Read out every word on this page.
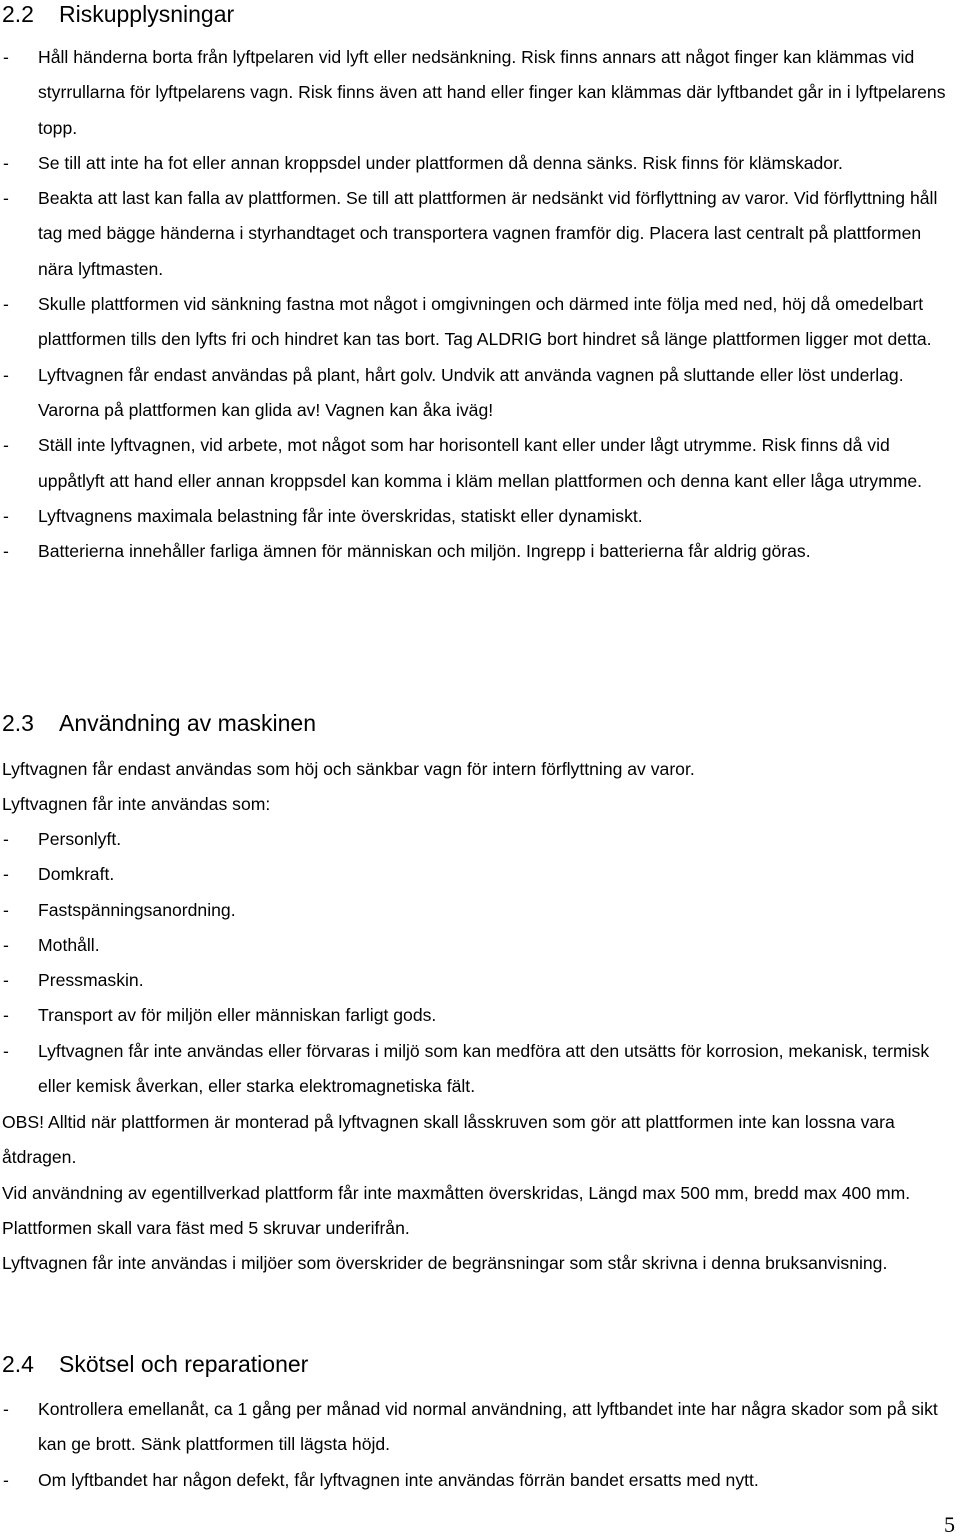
2.2 Riskupplysningar
- Håll händerna borta från lyftpelaren vid lyft eller nedsänkning. Risk finns annars att något finger kan klämmas vid styrrullarna för lyftpelarens vagn. Risk finns även att hand eller finger kan klämmas där lyftbandet går in i lyftpelarens topp.
- Se till att inte ha fot eller annan kroppsdel under plattformen då denna sänks. Risk finns för klämskador.
- Beakta att last kan falla av plattformen. Se till att plattformen är nedsänkt vid förflyttning av varor. Vid förflyttning håll tag med bägge händerna i styrhandtaget och transportera vagnen framför dig. Placera last centralt på plattformen nära lyftmasten.
- Skulle plattformen vid sänkning fastna mot något i omgivningen och därmed inte följa med ned, höj då omedelbart plattformen tills den lyfts fri och hindret kan tas bort. Tag ALDRIG bort hindret så länge plattformen ligger mot detta.
- Lyftvagnen får endast användas på plant, hårt golv. Undvik att använda vagnen på sluttande eller löst underlag. Varorna på plattformen kan glida av! Vagnen kan åka iväg!
- Ställ inte lyftvagnen, vid arbete, mot något som har horisontell kant eller under lågt utrymme. Risk finns då vid uppåtlyft att hand eller annan kroppsdel kan komma i kläm mellan plattformen och denna kant eller låga utrymme.
- Lyftvagnens maximala belastning får inte överskridas, statiskt eller dynamiskt.
- Batterierna innehåller farliga ämnen för människan och miljön. Ingrepp i batterierna får aldrig göras.
2.3 Användning av maskinen

Lyftvagnen får endast användas som höj och sänkbar vagn för intern förflyttning av varor.

Lyftvagnen får inte användas som:

- Personlyft.
- Domkraft.
- Fastspänningsanordning.
- Mothåll.
- Pressmaskin.
- Transport av för miljön eller människan farligt gods.
- Lyftvagnen får inte användas eller förvaras i miljö som kan medföra att den utsätts för korrosion, mekanisk, termisk eller kemisk åverkan, eller starka elektromagnetiska fält.

OBS! Alltid när plattformen är monterad på lyftvagnen skall låsskruven som gör att plattformen inte kan lossna vara åtdragen.

Vid användning av egentillverkad plattform får inte maxmåtten överskridas, Längd max 500 mm, bredd max 400 mm. Plattformen skall vara fäst med 5 skruvar underifrån.

Lyftvagnen får inte användas i miljöer som överskrider de begränsningar som står skrivna i denna bruksanvisning.

2.4 Skötsel och reparationer
- Kontrollera emellanåt, ca 1 gång per månad vid normal användning, att lyftbandet inte har några skador som på sikt kan ge brott. Sänk plattformen till lägsta höjd.
- Om lyftbandet har någon defekt, får lyftvagnen inte användas förrän bandet ersatts med nytt.
5
